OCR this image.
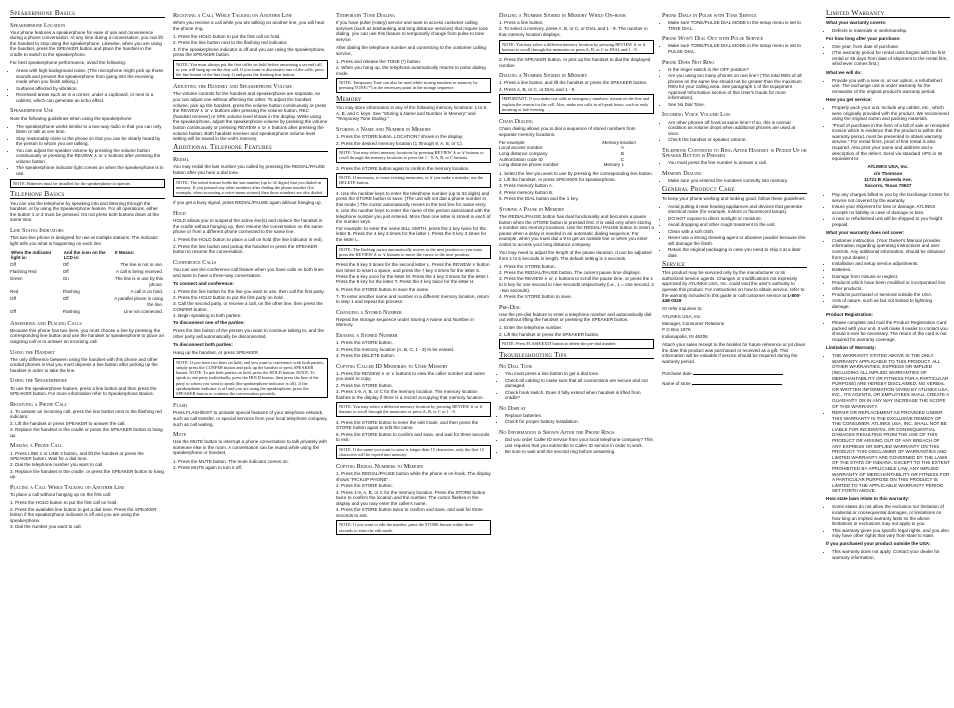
Speakerphone Basics
Speakerphone Location

Your phone features a speakerphone for ease of use and convenience during a phone conversation. At any time during a conversation, you can lift the handset to stop using the speakerphone. Likewise, when you are using the handset, press the SPEAKER button and place the handset in the cradle to switch to the speakerphone.

For best speakerphone performance, avoid the following:

• Areas with high background noise. (The microphone might pick up those sounds and prevent the speakerphone from going into the receiving mode when you finish talking.)
• Surfaces affected by vibration.
• Recessed areas such as in a corner, under a cupboard, or next to a cabinet, which can generate an echo effect.
Speakerphone Use

Note the following guidelines when using the speakerphone:

• The speakerphone works similar to a two-way radio in that you can only listen or talk at one time.
• Stay reasonably close to the phone so that you can be clearly heard by the person to whom you are talking.
• You can adjust the speaker volume by pressing the volume button continuously or pressing the REVIEW ∧ or ∨ buttons after pressing the volume button.
• The speakerphone indicator light comes on when the speakerphone is in use.
NOTE: Batteries must be installed for the speakerphone to operate.
Telephone Basics

You can use the telephone by speaking into and listening through the handset, or by using the Speakerphone feature. For all operations, either the button 1 or 3 must be pressed. Do not press both buttons down at the same time.

Line Status Indicators

This two-line phone is designed for use at multiple stations. The indicator light tells you what is happening on each line.

When the indicator light is:	And the icon on the LCD is:	It Means:
Off	Off	The line is not in use.
Flashing Red	Off	A call is being received.
Green	On	The line is in use by this phone.
Red	Flashing	A call is on hold.
Off	Off	A parallel phone is using the line.
Off	Flashing	Line not connected.
Answering and Placing Calls

Because this phone has two lines, you must choose a line by pressing the corresponding line button and use the handset or speakerphone to place an outgoing call or to answer an incoming call.

Using the Handset

The only difference between using the handset with this phone and other corded phones is that you must depress a line button after picking up the handset in order to take the line.

Using the Speakerphone

To use the speakerphone feature, press a line button and then press the SPEAKER button. For more information refer to Speakerphone Basics.

Receiving a Phone Call
1. To answer an incoming call, press the line button next to the flashing red indicator.
2. Lift the handset or press SPEAKER to answer the call.
3. Replace the handset in the cradle or press the SPEAKER button to hang up.
Making a Phone Call
1. Press LINE 1 or LINE 2 button, and lift the handset or press the SPEAKER button. Wait for a dial tone.
2. Dial the telephone number you want to call.
3. Replace the handset in the cradle, or press the SPEAKER button to hang up.
Placing a Call While Talking on Another Line

To place a call without hanging up on the first call:

1. Press the HOLD button to put the first call on hold.
2. Press the available line button to get a dial tone. Press the SPEAKER button if the speakerphone indicator is off and you are using the speakerphone.
3. Dial the number you want to call.
Receiving a Call While Talking on Another Line

When you receive a call while you are talking on another line, you will hear the phone ring.

1. Press the HOLD button to put the first call on hold.
2. Press the line button next to the flashing red indicator.
3. If the speakerphone indicator is off and you are using the speakerphone, press the SPEAKER button.
NOTE: You must always put the first caller on hold before answering a second call or you will hang up on the first call. If you want to disconnect one of the calls, press the line button of the line (step 1) and press the flashing line button.
Adjusting the Handset and Speakerphone Volume

The volume controls for the handset and speakerphone are separate, so you can adjust one without affecting the other. To adjust the handset volume, pick up the handset, press the volume button continuously or press the REVIEW ∧ or ∨ buttons after pressing the volume button. REC (handset receiver) or SPK volume level shows in the display. While using the speakerphone, adjust the speakerphone volume by pressing the volume button continuously or pressing REVIEW ∧ or ∨ buttons after pressing the volume button. Both handset receiver and speakerphone volume level setting will be saved in the unit's memory.

Additional Telephone Features
Redial

You may redial the last number you called by pressing the REDIAL/PAUSE button after you hear a dial tone.

NOTE: The redial feature holds the last number (up to 32 digits) that you dialed in memory. If you pressed any other numbers after dialing the phone number (for example, when accessing a voice-menu system) then those numbers are also dialed.

If you get a busy signal, press REDIAL/PAUSE again without hanging up.

Hold

HOLD allows you to suspend the active line(s) and replace the handset in the cradle without hanging up, then resume the conversation on the same phone or from a different phone connected to the same line.

1. Press the HOLD button to place a call on hold (the line indicator is red).
2. Press the line button and pickup the handset or press the SPEAKER button to resume the conversation.
Conference Calls

You can use the conference call feature when you have calls on both lines and want to have a three-way conversation.

To connect and conference:

1. Press the line button for the line you want to use, then call the first party.
2. Press the HOLD button to put the first party on hold.
3. Call the second party, or receive a call, on the other line, then press the CONFER button.
4. Begin speaking to both parties.

To disconnect one of the parties:

Press the line button of the person you want to continue talking to, and the other party will automatically be disconnected.

To disconnect both parties:

Hang up the handset, or press SPEAKER.

NOTE: If you have two lines on hold, and you want to conference with both parties, simply press the CONFER button and pick up the handset or press SPEAKER button. NOTE: To put both parties on hold, press the HOLD button. NOTE: To speak to one party individually, press the HOLD button, then press the line of the party to whom you want to speak (the speakerphone indicator is off). If the speakerphone indicator is off and you are using the speakerphone, press the SPEAKER button to continue the conversation privately.
Flash

Press FLASH/EXIT to activate special features of your telephone network, such as call transfer, or special services from your local telephone company, such as call waiting.

Mute

Use the MUTE button to interrupt a phone conversation to talk privately with someone else in the room. A conversation can be muted while using the speakerphone or handset.

1. Press the MUTE button. The mute indicator comes on.
2. Press MUTE again to turn it off.
Temporary Tone Dialing

If you have pulse (rotary) service and want to access customer calling services (such as telebanking and long distance services) that require tone dialing, you can use this feature to temporarily change from pulse to tone service.

After dialing the telephone number and connecting to the customer calling service,

1. Press and release the TONE (*) button.
2. When you hang up, the telephone automatically returns to pulse dialing mode.
NOTE: Temporary Tone can also be used while storing numbers in memory by pressing TONE (*) at the necessary point in the storage sequence.
Memory

You may store information in any of the following memory locations: 1 to 9, A, B, and C keys. See "Storing a Name and Number in Memory" and "Temporary Tone Dialing."

Storing a Name and Number in Memory
1. Press the STORE button. LOCATION? shows in the display.
2. Press the desired memory location (1 through 9, A, B, or C).
NOTE: You may select memory locations by pressing REVIEW ∧ or ∨ buttons to scroll through the memory locations to press the 1 - 9, A, B, or C buttons.
3. Press the STORE button again to confirm the memory location.
NOTE: If necessary, to erase existing memories, or if you make a mistake, use the DELETE button.
4. Use the number keys to enter the telephone number (up to 32 digits) and press the STORE button to save. (The unit will not dial a phone number in this mode.) The cursor automatically moves to the text line for name entry.
5. Use the number keys to enter the name of the person associated with the telephone number you just entered. More than one letter is stored in each of the number keys.

For example, to enter the name BILL SMITH, press the 2 key twice for the letter B. Press the 4 key 3 times for the letter I. Press the 5 key 3 times for the letter L.

NOTE: The flashing cursor automatically moves to the next position so you must press the REVIEW ∧ or ∨ buttons to move the cursor to the next position.

Press the 5 key 3 times for the second letter L. Press the REVIEW ∨ button two times to insert a space, and press the 7 key 4 times for the letter S. Press the 6 key once for the letter M. Press the 4 key 3 times for the letter I. Press the 8 key for the letter T. Press the 4 key twice for the letter H.

6. Press the STORE button to save the name.
7. To enter another name and number in a different memory location, return to step 1 and repeat the process.
Changing a Stored Number

Repeat the storage sequence under Storing A Name and Number in Memory.

Erasing a Stored Number
1. Press the STORE button.
2. Press the memory location (A, B, C, 1 - 9) to be erased.
3. Press the DELETE button.
Copying Caller ID Memories to User Memory
1. Press the REVIEW ∧ or ∨ buttons to view the caller number and name you want to copy.
2. Press the STORE button.
3. Press 1-9, A, B, or C for the memory location. The memory location flashes in the display if there is a record occupying that memory location.
NOTE: You may select a different memory location by pressing REVIEW ∧ or ∨ buttons to scroll through the memories or press A, B, or C or 1 - 9.
4. Press the STORE button to enter the edit mode, and then press the STORE button again to edit the name.
5. Press the STORE button to confirm and save, and wait for three seconds to exit.
NOTE: If the name you want to store is longer than 15 characters, only the first 15 characters will be copied into memory.
Copying Redial Numbers to Memory
1. Press the REDIAL/PAUSE button while the phone is on-hook. The display shows "PICKUP PHONE".
2. Press the STORE button.
3. Press 1-9, A, B, or C for the memory location. Press the STORE button twice to confirm the location and the number. The cursor flashes in the display and you may enter the caller's name.
4. Press the STORE button twice to confirm and save, and wait for three seconds to exit.
NOTE: If you want to edit the number, press the STORE button within three seconds to enter the edit mode.
Dialing a Number Stored in Memory While On-hook
1. Press a line button.
2. To select a memory, press A, B, or C, or DIAL and 1 - 9. The number in that memory location displays.
NOTE: You may select a different memory location by pressing REVIEW ∧ or ∨ buttons to scroll through the memories or press A, B, or C or DIAL and 1 - 9.
3. Press the SPEAKER button, or pick up the handset to dial the displayed number.
Dialing a Number Stored in Memory
1. Press a line button, and lift the handset or press the SPEAKER button.
2. Press A, B, or C, or DIAL and 1 - 9.
IMPORTANT: If you make test calls to emergency numbers, remain on the line and explain the reason for the call. Also, make test calls in off-peak hours, such as early morning or late evening.
Chain Dialing

Chain dialing allows you to dial a sequence of stored numbers from separate memory locations.

For example	Memory location
Local access number	A
Long distance company	B
Authorization code ID	C
Long distance phone number	Memory 1
1. Select the line you want to use by pressing the corresponding line button.
2. Lift the handset, or press SPEAKER for speakerphone.
3. Press memory button A.
4. Press memory button B.
5. Press the DIAL button and the 1 key.
Storing a Pause in Memory

The REDIAL/PAUSE button has dual functionality and becomes a pause button when the STORE button is pressed first. It is valid only when storing a number into memory locations. Use the REDIAL/ PAUSE button to insert a pause when a delay is needed in an automatic dialing sequence. For example, when you must dial a 9 to get an outside line or when you enter codes to access your long distance company.

You may need to adjust the length of the pause duration. It can be adjusted from 1 to 5 seconds in length. The default setting is 4 seconds.

1. Press the STORE button.
2. Press the REDIAL/PAUSE button. The current pause time displays.
3. Press the REVIEW ∧ or ∨ buttons to scroll the pause time, or press the 1 to 5 key for one second to nine seconds respectively (i.e., 1 = one second, 2 - two seconds).
4. Press the STORE button to save.
Pre-Dial

Use the pre-dial feature to enter a telephone number and automatically dial out without lifting the handset or pressing the SPEAKER button.

1. Enter the telephone number.
2. Lift the handset or press the SPEAKER button.
NOTE: Press FLASH/EXIT button to delete the pre-dial number.
Troubleshooting Tips
No Dial Tone
• You must press a line button to get a dial tone.
• Check all cabling to make sure that all connections are secure and not damaged.
• Check hook switch. Does it fully extend when handset is lifted from cradle?
No Display
• Replace batteries.
• Check for proper battery installation.
No Information is Shown After the Phone Rings
• Did you order Caller ID service from your local telephone company? This unit requires that you subscribe to Caller ID service in order to work.
• Be sure to wait until the second ring before answering.
Phone Dials in Pulse with Tone Service
• Make sure TONE/PULSE DIAL MODE in the setup menu is set to TONE DIAL.
Phone Won't Dial Out with Pulse Service
• Make sure TONE/PULSE DIAL MODE in the setup menu is set to PULSE DIAL.
Phone Does Not Ring
• Is the ringer switch in the OFF position?
• Are you using too many phones on one line? (The total REN of all phones on the same line should not be greater than the maximum REN for your calling area. See paragraph 1 of the Equipment Approval Information section of this User's Guide for more information).
• See No Dial Tone.
Incoming Voice Volume Low
• Are other phones off hook at same time? If so, this is normal condition as volume drops when additional phones are used at once.
• Check the handset or speaker volume.
Telephone Continues to Ring After Handset is Picked Up or Speaker Button is Pressed
• You must press the line number to answer a call.
Memory Dialing
• Make sure you entered the numbers correctly into memory.
General Product Care

To keep your phone working and looking good, follow these guidelines:

• Avoid putting it near heating appliances and devices that generate electrical noise (for example, motors or fluorescent lamps).
• DO NOT expose to direct sunlight or moisture.
• Avoid dropping and other rough treatment to the unit.
• Clean with a soft cloth.
• Never use a strong cleaning agent or abrasive powder because this will damage the finish.
• Retain the original packaging in case you need to ship it at a later date.
Service

This product may be serviced only by the manufacturer or its authorized service agents. Changes or modifications not expressly approved by ATLINKS USA, Inc. could void the user's authority to operate this product. For instructions on how to obtain service, refer to the warranty included in this guide or call customer service at 1-800-448-0329

Or refer inquiries to:

ATLINKS USA, Inc.
Manager, Consumer Relations
P O Box 1976
Indianapolis, IN 46206

Attach your sales receipt to the booklet for future reference or jot down the date this product was purchased or received as a gift. This information will be valuable if service should be required during the warranty period.

Purchase date

Name of store

Limited Warranty

What your warranty covers:

• Defects in materials or workmanship.

For how long after your purchase:

• One year, from date of purchase.
• (The warranty period for rental units begins with the first rental or 45 days from date of shipment to the rental firm, whichever comes first.)

What we will do:

• Provide you with a new or, at our option, a refurbished unit. The exchange unit is under warranty for the remainder of the original product's warranty period.

How you get service:

• Properly pack your unit. Include any cables, etc., which were originally provided with the product. We recommend using the original carton and packing materials.
• "Proof of purchase in the form of a bill of sale or receipted invoice which is evidence that the product is within the warranty period, must be presented to obtain warranty service." For rental firms, proof of first rental is also required. Also print your name and address and a description of the defect. Send via standard UPS or its equivalent to:
ATLINKS USA, Inc.
c/o Thomson
11721 B Alameda Ave.
Socorro, Texas 79927
• Pay any charges billed to you by the Exchange Center for service not covered by the warranty.
• Insure your shipment for loss or damage. ATLINKS accepts no liability in case of damage or loss.
• A new or refurbished unit will be shipped to you freight prepaid.

What your warranty does not cover:

• Customer instruction. (Your Owner's Manual provides information regarding operating instructions and user controls. Any additional information, should be obtained from your dealer.)
• Installation and setup service adjustments.
• Batteries.
• Damage from misuse or neglect.
• Products which have been modified or incorporated into other products.
• Products purchased or serviced outside the USA.
• Acts of nature, such as but not limited to lightning damage.

Product Registration:

• Please complete and mail the Product Registration Card packed with your unit. It will make it easier to contact you should it ever be necessary. The return of the card is not required for warranty coverage.

Limitation of Warranty:

• THE WARRANTY STATED ABOVE IS THE ONLY WARRANTY APPLICABLE TO THIS PRODUCT. ALL OTHER WARRANTIES, EXPRESS OR IMPLIED (INCLUDING ALL IMPLIED WARRANTIES OF MERCHANTABILITY OR FITNESS FOR A PARTICULAR PURPOSE) ARE HEREBY DISCLAIMED. NO VERBAL OR WRITTEN INFORMATION GIVEN BY ATLINKS USA, INC., ITS AGENTS, OR EMPLOYEES SHALL CREATE A GUARANTY OR IN ANY WAY INCREASE THE SCOPE OF THIS WARRANTY.
• REPAIR OR REPLACEMENT AS PROVIDED UNDER THIS WARRANTY IS THE EXCLUSIVE REMEDY OF THE CONSUMER. ATLINKS USA, INC. SHALL NOT BE LIABLE FOR INCIDENTAL OR CONSEQUENTIAL DAMAGES RESULTING FROM THE USE OF THIS PRODUCT OR ARISING OUT OF ANY BREACH OF ANY EXPRESS OR IMPLIED WARRANTY ON THIS PRODUCT. THIS DISCLAIMER OF WARRANTIES AND LIMITED WARRANTY ARE GOVERNED BY THE LAWS OF THE STATE OF INDIANA. EXCEPT TO THE EXTENT PROHIBITED BY APPLICABLE LAW, ANY IMPLIED WARRANTY OF MERCHANTABILITY OR FITNESS FOR A PARTICULAR PURPOSE ON THIS PRODUCT IS LIMITED TO THE APPLICABLE WARRANTY PERIOD SET FORTH ABOVE.

How state laws relate to this warranty:

• Some states do not allow the exclusion nor limitation of incidental or consequential damages, or limitations on how long an implied warranty lasts so the above limitations or exclusions may not apply to you.
• This warranty gives you specific legal rights, and you also may have other rights that vary from state to state.

If you purchased your product outside the USA:

• This warranty does not apply. Contact your dealer for warranty information.
